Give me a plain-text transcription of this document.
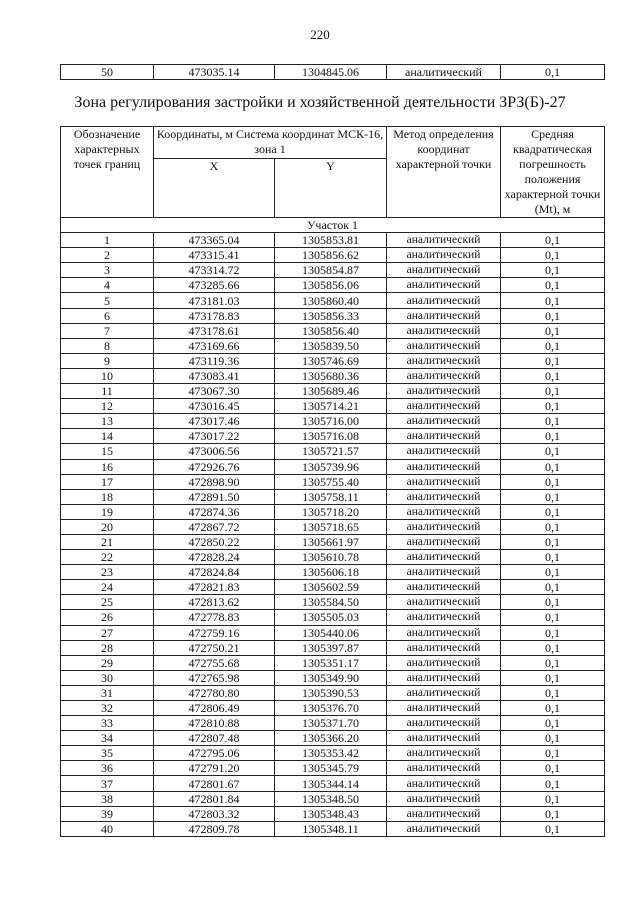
220
50	473035.14	1304845.06	аналитический	0,1
Зона регулирования застройки и хозяйственной деятельности ЗРЗ(Б)-27
Обозначение характерных точек границ	Координаты, м Система координат МСК-16, зона 1		Метод определения координат характерной точки	Средняя квадратическая погрешность положения характерной точки (Mt), м
	X	Y		
Участок 1				
1	473365.04	1305853.81	аналитический	0,1
2	473315.41	1305856.62	аналитический	0,1
3	473314.72	1305854.87	аналитический	0,1
4	473285.66	1305856.06	аналитический	0,1
5	473181.03	1305860.40	аналитический	0,1
6	473178.83	1305856.33	аналитический	0,1
7	473178.61	1305856.40	аналитический	0,1
8	473169.66	1305839.50	аналитический	0,1
9	473119.36	1305746.69	аналитический	0,1
10	473083.41	1305680.36	аналитический	0,1
11	473067.30	1305689.46	аналитический	0,1
12	473016.45	1305714.21	аналитический	0,1
13	473017.46	1305716.00	аналитический	0,1
14	473017.22	1305716.08	аналитический	0,1
15	473006.56	1305721.57	аналитический	0,1
16	472926.76	1305739.96	аналитический	0,1
17	472898.90	1305755.40	аналитический	0,1
18	472891.50	1305758.11	аналитический	0,1
19	472874.36	1305718.20	аналитический	0,1
20	472867.72	1305718.65	аналитический	0,1
21	472850.22	1305661.97	аналитический	0,1
22	472828.24	1305610.78	аналитический	0,1
23	472824.84	1305606.18	аналитический	0,1
24	472821.83	1305602.59	аналитический	0,1
25	472813.62	1305584.50	аналитический	0,1
26	472778.83	1305505.03	аналитический	0,1
27	472759.16	1305440.06	аналитический	0,1
28	472750.21	1305397.87	аналитический	0,1
29	472755.68	1305351.17	аналитический	0,1
30	472765.98	1305349.90	аналитический	0,1
31	472780.80	1305390.53	аналитический	0,1
32	472806.49	1305376.70	аналитический	0,1
33	472810.88	1305371.70	аналитический	0,1
34	472807.48	1305366.20	аналитический	0,1
35	472795.06	1305353.42	аналитический	0,1
36	472791.20	1305345.79	аналитический	0,1
37	472801.67	1305344.14	аналитический	0,1
38	472801.84	1305348.50	аналитический	0,1
39	472803.32	1305348.43	аналитический	0,1
40	472809.78	1305348.11	аналитический	0,1
